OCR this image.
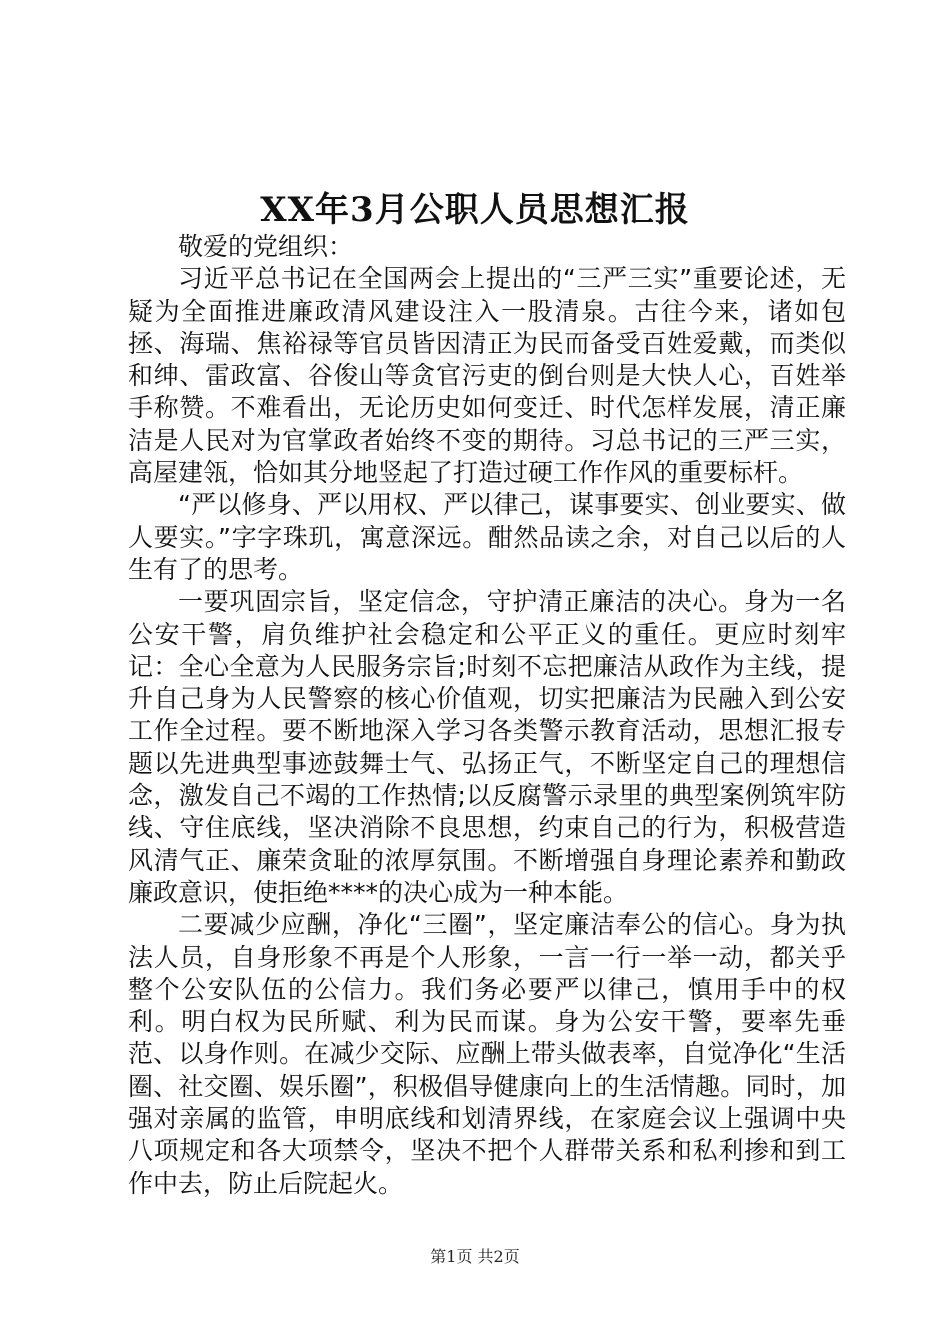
XX年3月公职人员思想汇报

敬爱的党组织：

习近平总书记在全国两会上提出的“三严三实”重要论述，无疑为全面推进廉政清风建设注入一股清泉。古往今来，诸如包拯、海瑞、焦裕禄等官员皆因清正为民而备受百姓爱戴，而类似和绅、雷政富、谷俊山等贪官污吏的倒台则是大快人心，百姓举手称赞。不难看出，无论历史如何变迁、时代怎样发展，清正廉洁是人民对为官掌政者始终不变的期待。习总书记的三严三实，高屋建瓴，恰如其分地竖起了打造过硬工作作风的重要标杆。

“严以修身、严以用权、严以律己，谋事要实、创业要实、做人要实。”字字珠玑，寓意深远。酣然品读之余，对自己以后的人生有了的思考。

一要巩固宗旨，坚定信念，守护清正廉洁的决心。身为一名公安干警，肩负维护社会稳定和公平正义的重任。更应时刻牢记：全心全意为人民服务宗旨;时刻不忘把廉洁从政作为主线，提升自己身为人民警察的核心价值观，切实把廉洁为民融入到公安工作全过程。要不断地深入学习各类警示教育活动，思想汇报专题以先进典型事迹鼓舞士气、弘扬正气，不断坚定自己的理想信念，激发自己不竭的工作热情;以反腐警示录里的典型案例筑牢防线、守住底线，坚决消除不良思想，约束自己的行为，积极营造风清气正、廉荣贪耻的浓厚氛围。不断增强自身理论素养和勤政廉政意识，使拒绝****的决心成为一种本能。

二要减少应酬，净化“三圈”，坚定廉洁奉公的信心。身为执法人员，自身形象不再是个人形象，一言一行一举一动，都关乎整个公安队伍的公信力。我们务必要严以律己，慎用手中的权利。明白权为民所赋、利为民而谋。身为公安干警，要率先垂范、以身作则。在减少交际、应酬上带头做表率，自觉净化“生活圈、社交圈、娱乐圈”，积极倡导健康向上的生活情趣。同时，加强对亲属的监管，申明底线和划清界线，在家庭会议上强调中央八项规定和各大项禁令，坚决不把个人群带关系和私利掺和到工作中去，防止后院起火。

第1页 共2页
